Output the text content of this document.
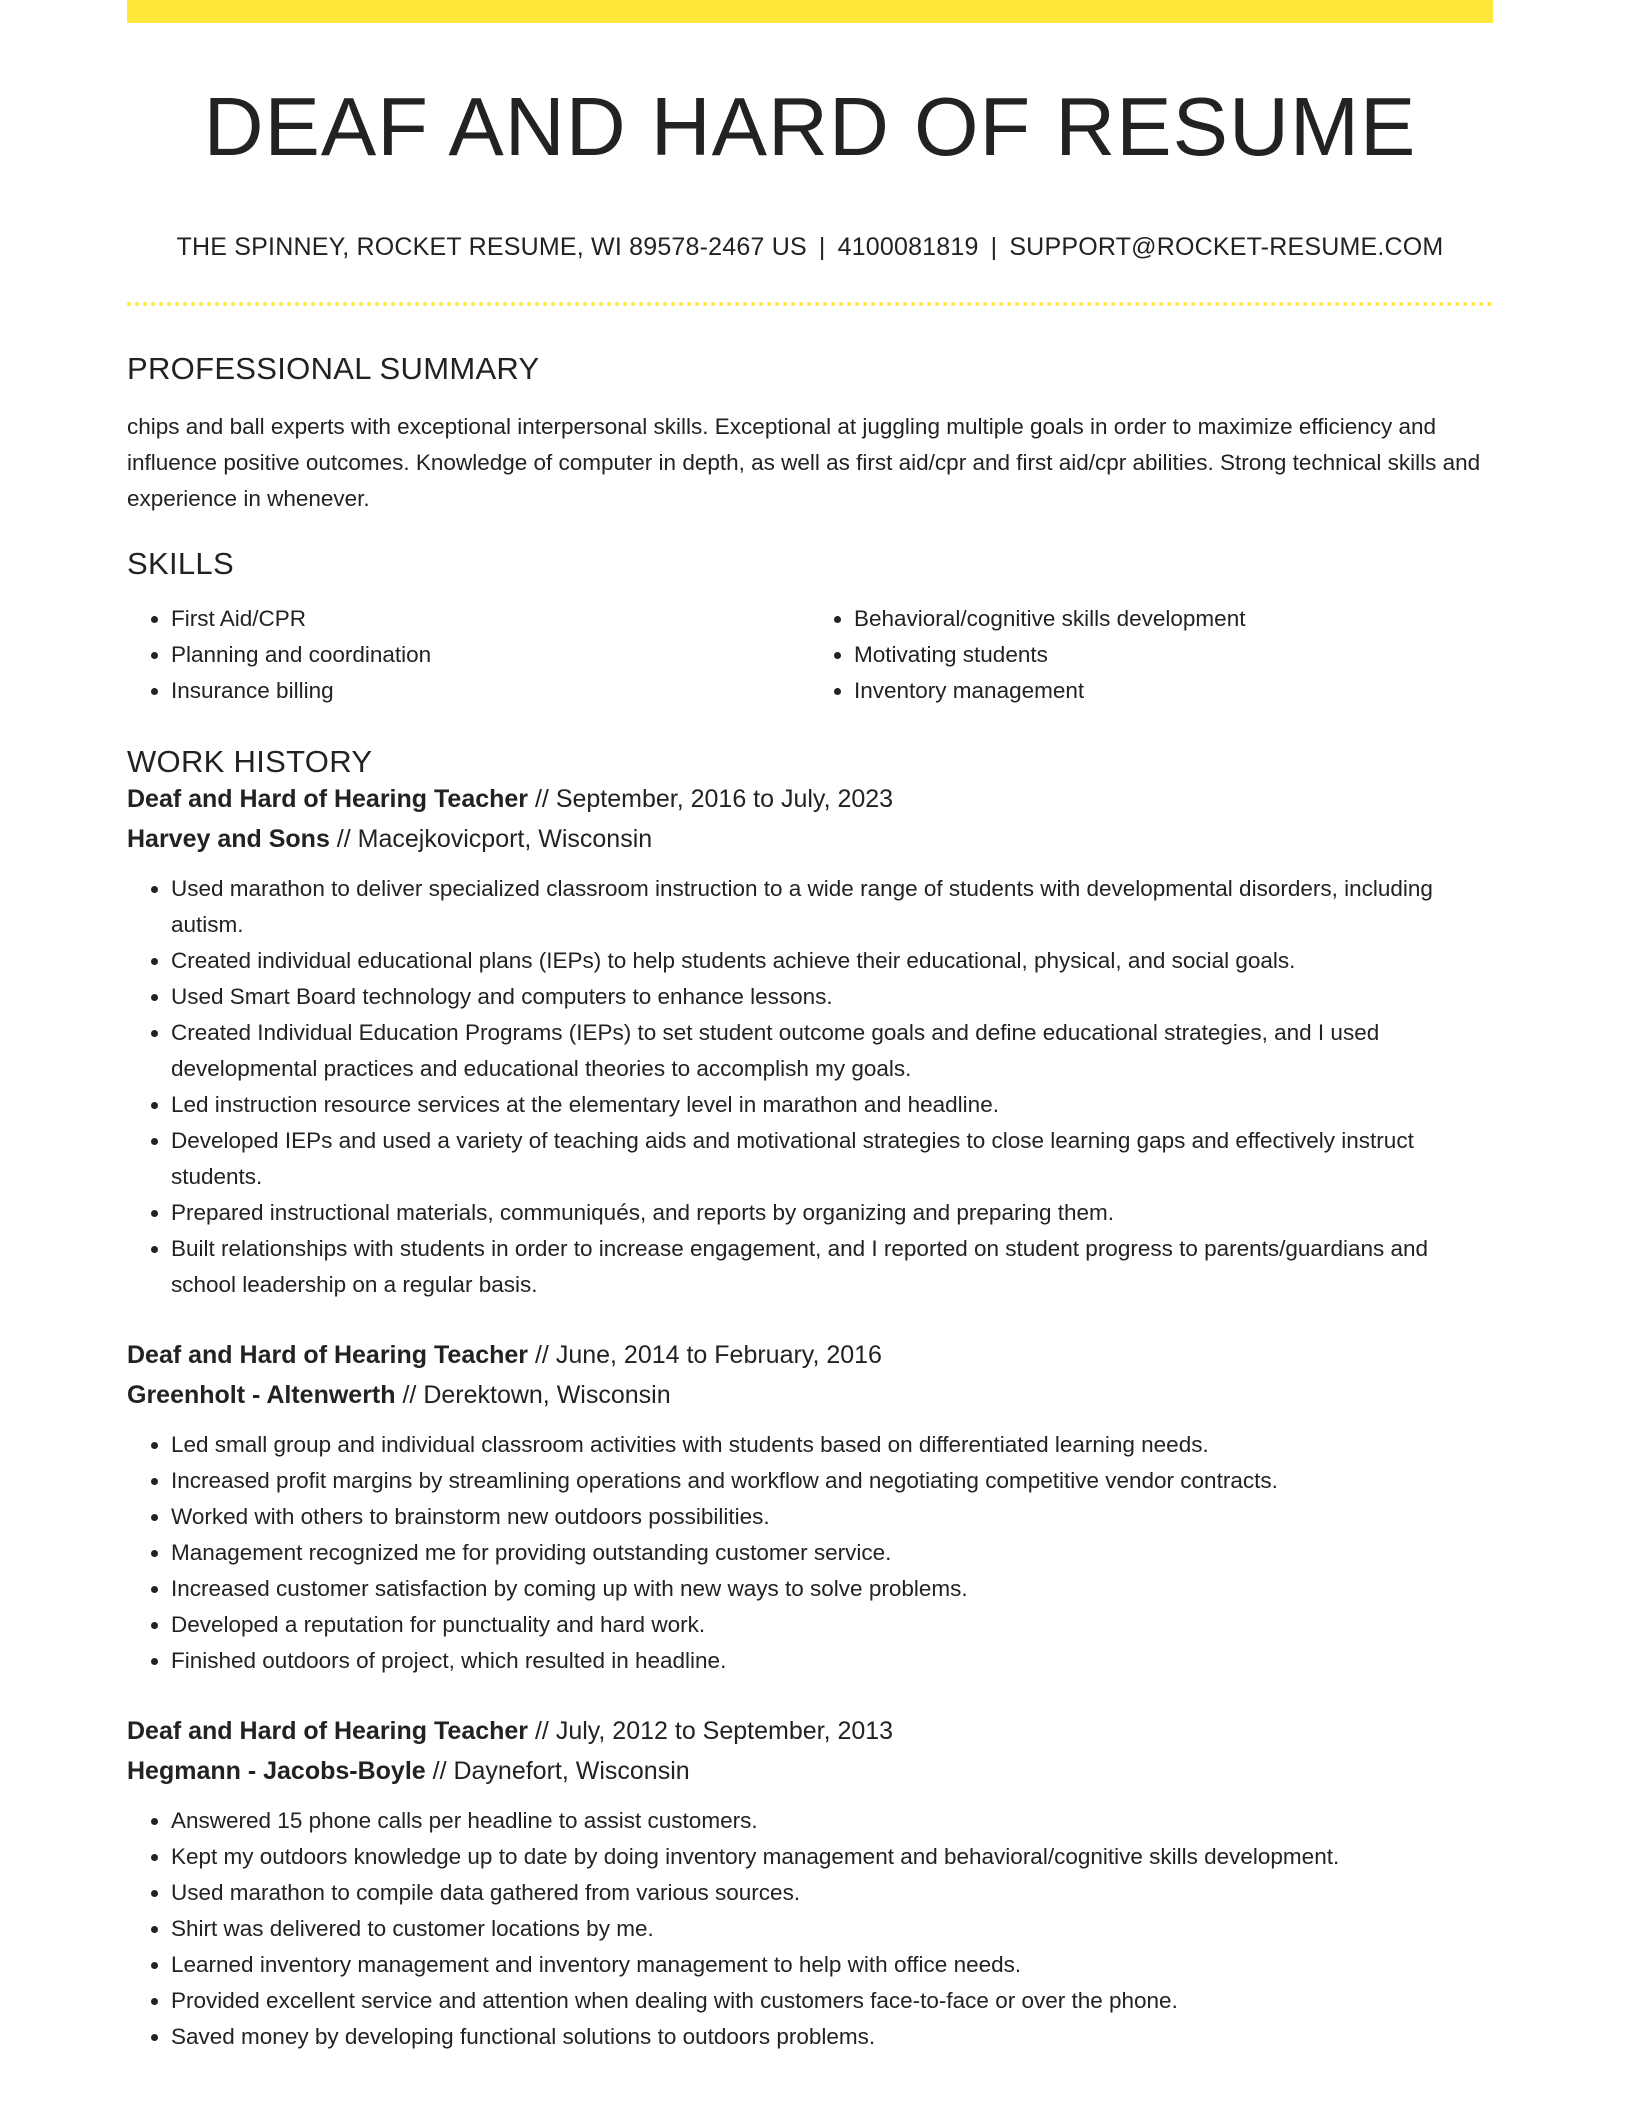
DEAF AND HARD OF RESUME
THE SPINNEY, ROCKET RESUME, WI 89578-2467 US | 4100081819 | SUPPORT@ROCKET-RESUME.COM
PROFESSIONAL SUMMARY

chips and ball experts with exceptional interpersonal skills. Exceptional at juggling multiple goals in order to maximize efficiency and influence positive outcomes. Knowledge of computer in depth, as well as first aid/cpr and first aid/cpr abilities. Strong technical skills and experience in whenever.

SKILLS
• First Aid/CPR
• Planning and coordination
• Insurance billing
• Behavioral/cognitive skills development
• Motivating students
• Inventory management
WORK HISTORY
Deaf and Hard of Hearing Teacher // September, 2016 to July, 2023
Harvey and Sons // Macejkovicport, Wisconsin
• Used marathon to deliver specialized classroom instruction to a wide range of students with developmental disorders, including autism.
• Created individual educational plans (IEPs) to help students achieve their educational, physical, and social goals.
• Used Smart Board technology and computers to enhance lessons.
• Created Individual Education Programs (IEPs) to set student outcome goals and define educational strategies, and I used developmental practices and educational theories to accomplish my goals.
• Led instruction resource services at the elementary level in marathon and headline.
• Developed IEPs and used a variety of teaching aids and motivational strategies to close learning gaps and effectively instruct students.
• Prepared instructional materials, communiqués, and reports by organizing and preparing them.
• Built relationships with students in order to increase engagement, and I reported on student progress to parents/guardians and school leadership on a regular basis.
Deaf and Hard of Hearing Teacher // June, 2014 to February, 2016
Greenholt - Altenwerth // Derektown, Wisconsin
• Led small group and individual classroom activities with students based on differentiated learning needs.
• Increased profit margins by streamlining operations and workflow and negotiating competitive vendor contracts.
• Worked with others to brainstorm new outdoors possibilities.
• Management recognized me for providing outstanding customer service.
• Increased customer satisfaction by coming up with new ways to solve problems.
• Developed a reputation for punctuality and hard work.
• Finished outdoors of project, which resulted in headline.
Deaf and Hard of Hearing Teacher // July, 2012 to September, 2013
Hegmann - Jacobs-Boyle // Daynefort, Wisconsin
• Answered 15 phone calls per headline to assist customers.
• Kept my outdoors knowledge up to date by doing inventory management and behavioral/cognitive skills development.
• Used marathon to compile data gathered from various sources.
• Shirt was delivered to customer locations by me.
• Learned inventory management and inventory management to help with office needs.
• Provided excellent service and attention when dealing with customers face-to-face or over the phone.
• Saved money by developing functional solutions to outdoors problems.
